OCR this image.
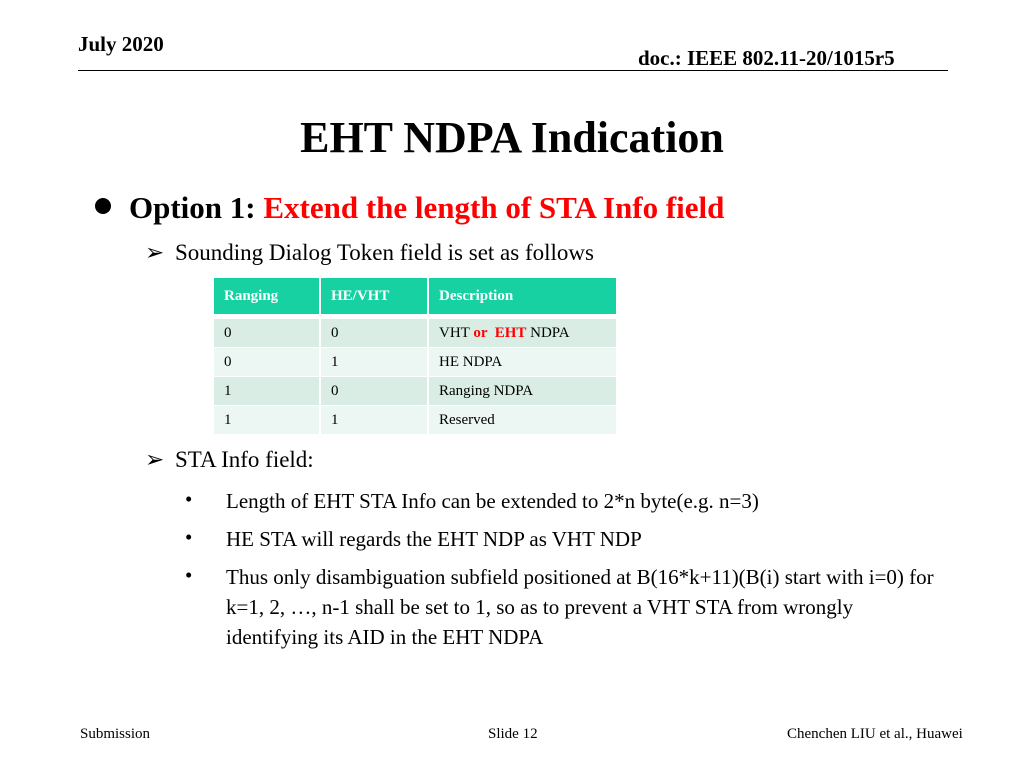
July 2020
doc.: IEEE 802.11-20/1015r5
EHT NDPA Indication
Option 1: Extend the length of STA Info field
➢ Sounding Dialog Token field is set as follows
Ranging	HE/VHT	Description

0	0	VHT or  EHT NDPA
0	1	HE NDPA
1	0	Ranging NDPA
1	1	Reserved
➢ STA Info field:
• Length of EHT STA Info can be extended to 2*n byte(e.g. n=3)
• HE STA will regards the EHT NDP as VHT NDP
• Thus only disambiguation subfield positioned at B(16*k+11)(B(i) start with i=0) for k=1, 2, …, n-1 shall be set to 1, so as to prevent a VHT STA from wrongly identifying its AID in the EHT NDPA
Submission	Slide 12	Chenchen LIU et al., Huawei
